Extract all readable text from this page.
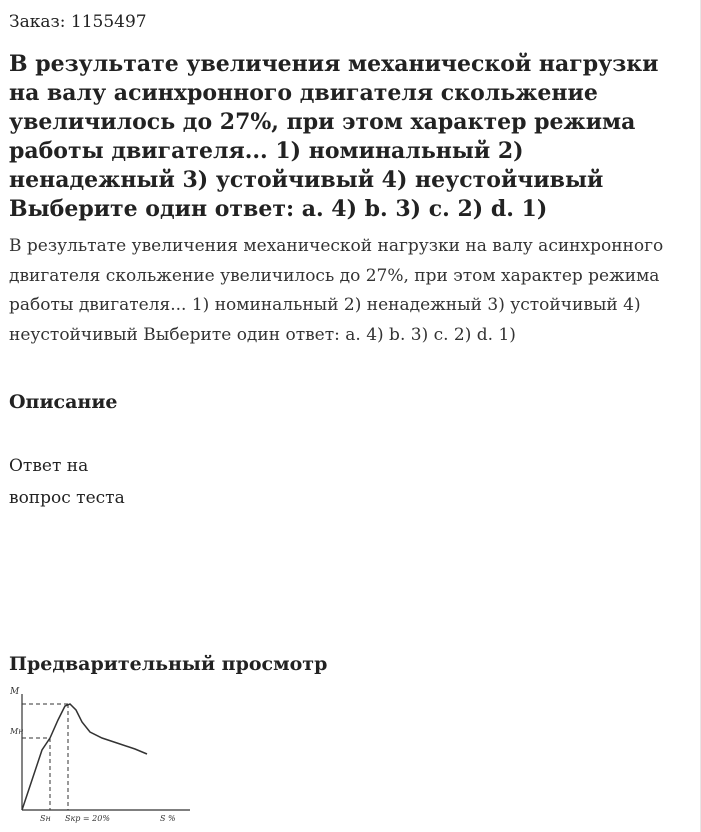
Заказ: 1155497
В результате увеличения механической нагрузки на валу асинхронного двигателя скольжение увеличилось до 27%, при этом характер режима работы двигателя... 1) номинальный 2) ненадежный 3) устойчивый 4) неустойчивый Выберите один ответ: a. 4) b. 3) c. 2) d. 1)

В результате увеличения механической нагрузки на валу асинхронного двигателя скольжение увеличилось до 27%, при этом характер режима работы двигателя... 1) номинальный 2) ненадежный 3) устойчивый 4) неустойчивый Выберите один ответ: a. 4) b. 3) c. 2) d. 1)

Описание
Ответ на
вопрос теста
Предварительный просмотр
M
Mн
Sн Sкр = 20%	S %
